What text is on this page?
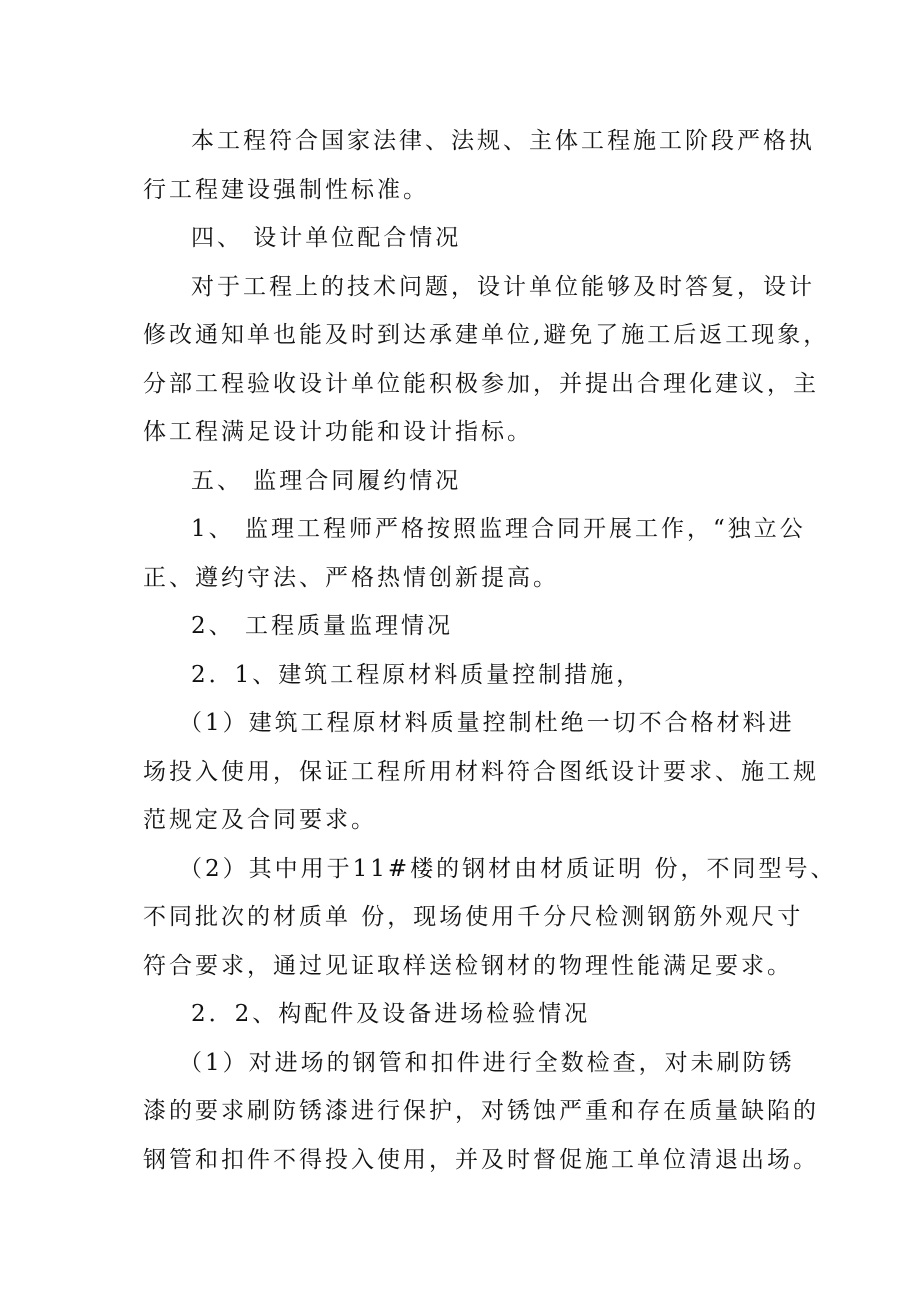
本工程符合国家法律、法规、主体工程施工阶段严格执
行工程建设强制性标准。
四、 设计单位配合情况
对于工程上的技术问题，设计单位能够及时答复，设计
修改通知单也能及时到达承建单位,避免了施工后返工现象，
分部工程验收设计单位能积极参加，并提出合理化建议，主
体工程满足设计功能和设计指标。
五、 监理合同履约情况
1、 监理工程师严格按照监理合同开展工作，“独立公
正、遵约守法、严格热情创新提高。
2、 工程质量监理情况
2．1、建筑工程原材料质量控制措施，
（1）建筑工程原材料质量控制杜绝一切不合格材料进
场投入使用，保证工程所用材料符合图纸设计要求、施工规
范规定及合同要求。
（2）其中用于11#楼的钢材由材质证明 份，不同型号、
不同批次的材质单 份，现场使用千分尺检测钢筋外观尺寸
符合要求，通过见证取样送检钢材的物理性能满足要求。
2．2、构配件及设备进场检验情况
（1）对进场的钢管和扣件进行全数检查，对未刷防锈
漆的要求刷防锈漆进行保护，对锈蚀严重和存在质量缺陷的
钢管和扣件不得投入使用，并及时督促施工单位清退出场。
